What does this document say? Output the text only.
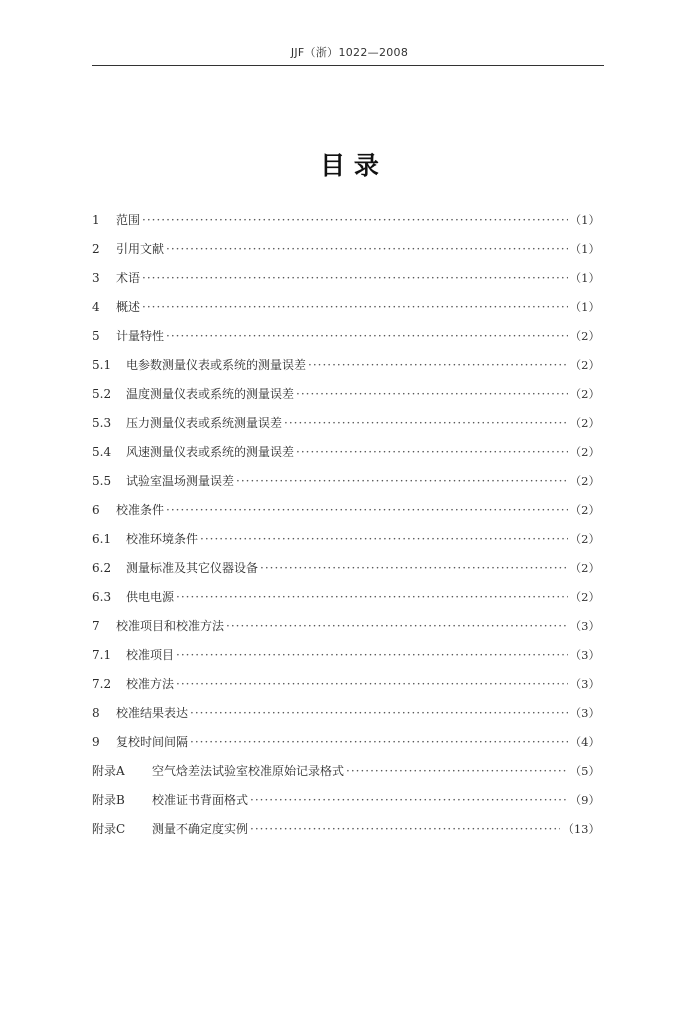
JJF（浙）1022—2008
目 录
1	范围 ·····	（1）
2	引用文献 ·····	（1）
3	术语 ·····	（1）
4	概述 ·····	（1）
5	计量特性 ·····	（2）
5.1	电参数测量仪表或系统的测量误差 ·····	（2）
5.2	温度测量仪表或系统的测量误差 ·····	（2）
5.3	压力测量仪表或系统测量误差 ·····	（2）
5.4	风速测量仪表或系统的测量误差 ·····	（2）
5.5	试验室温场测量误差 ·····	（2）
6	校准条件 ·····	（2）
6.1	校准环境条件 ·····	（2）
6.2	测量标准及其它仪器设备 ·····	（2）
6.3	供电电源 ·····	（2）
7	校准项目和校准方法 ·····	（3）
7.1	校准项目 ·····	（3）
7.2	校准方法 ·····	（3）
8	校准结果表达 ·····	（3）
9	复校时间间隔 ·····	（4）
附录A	空气焓差法试验室校准原始记录格式 ·····	（5）
附录B	校准证书背面格式 ·····	（9）
附录C	测量不确定度实例 ·····	（13）
